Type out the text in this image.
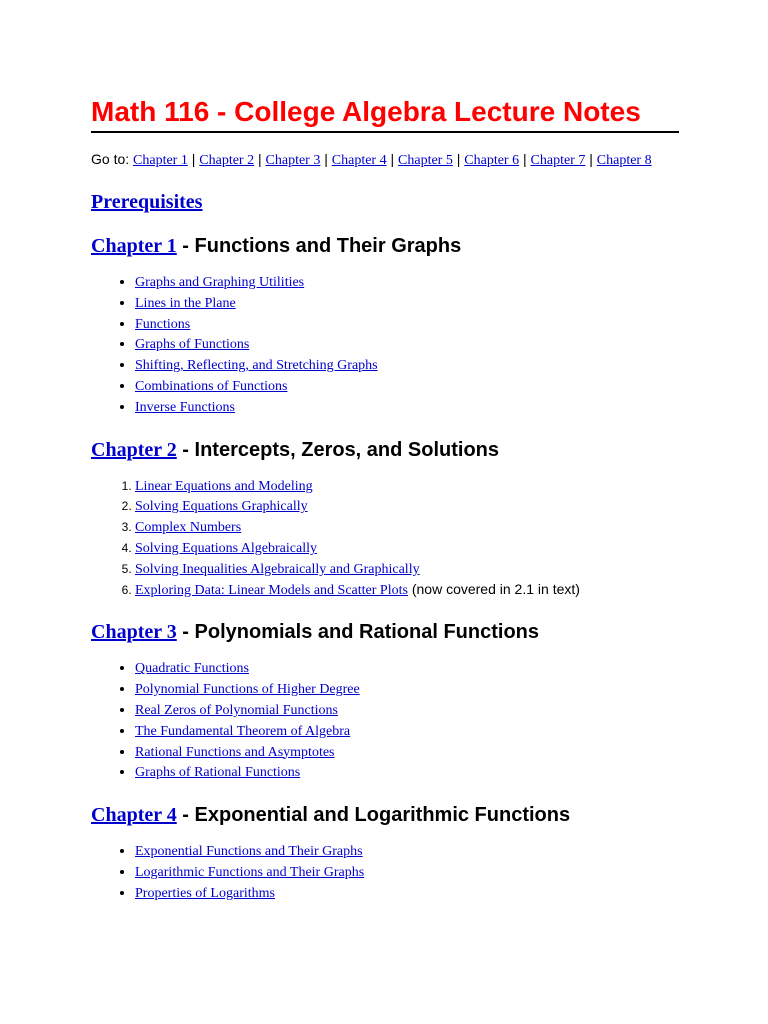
Math 116 - College Algebra Lecture Notes
Go to: Chapter 1 | Chapter 2 | Chapter 3 | Chapter 4 | Chapter 5 | Chapter 6 | Chapter 7 | Chapter 8
Prerequisites
Chapter 1 - Functions and Their Graphs
• Graphs and Graphing Utilities
• Lines in the Plane
• Functions
• Graphs of Functions
• Shifting, Reflecting, and Stretching Graphs
• Combinations of Functions
• Inverse Functions
Chapter 2 - Intercepts, Zeros, and Solutions
1. Linear Equations and Modeling
2. Solving Equations Graphically
3. Complex Numbers
4. Solving Equations Algebraically
5. Solving Inequalities Algebraically and Graphically
6. Exploring Data: Linear Models and Scatter Plots (now covered in 2.1 in text)
Chapter 3 - Polynomials and Rational Functions
• Quadratic Functions
• Polynomial Functions of Higher Degree
• Real Zeros of Polynomial Functions
• The Fundamental Theorem of Algebra
• Rational Functions and Asymptotes
• Graphs of Rational Functions
Chapter 4 - Exponential and Logarithmic Functions
• Exponential Functions and Their Graphs
• Logarithmic Functions and Their Graphs
• Properties of Logarithms
